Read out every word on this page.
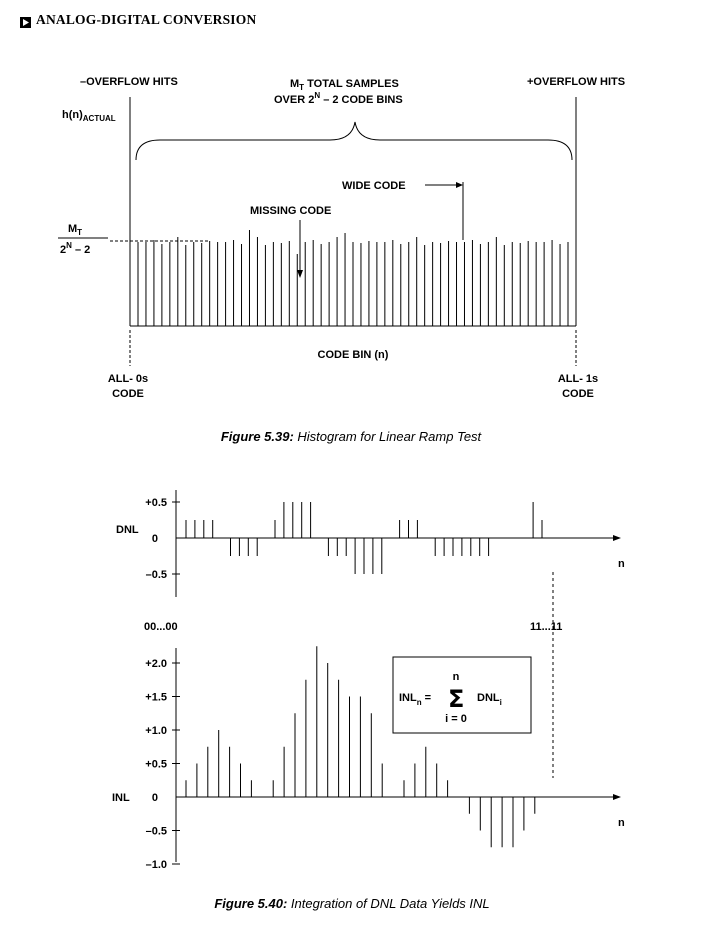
ANALOG-DIGITAL CONVERSION
–OVERFLOW HITS	+OVERFLOW HITS
$M_T$ TOTAL SAMPLES
OVER $2^N - 2$ CODE BINS
$h(n)_{ACTUAL}$
$M_T$
$2^N - 2$
WIDE CODE
MISSING CODE
CODE BIN (n)
ALL- 0s
CODE
ALL- 1s
CODE
Figure 5.39: Histogram for Linear Ramp Test
+0.5
0
–0.5
DNL
n
00...00	11...11
+2.0
+1.5
+1.0
+0.5
0
–0.5
–1.0
INL
n
$INL_n = \Sigma$
n
i = 0
$DNL_i$
Figure 5.40: Integration of DNL Data Yields INL
